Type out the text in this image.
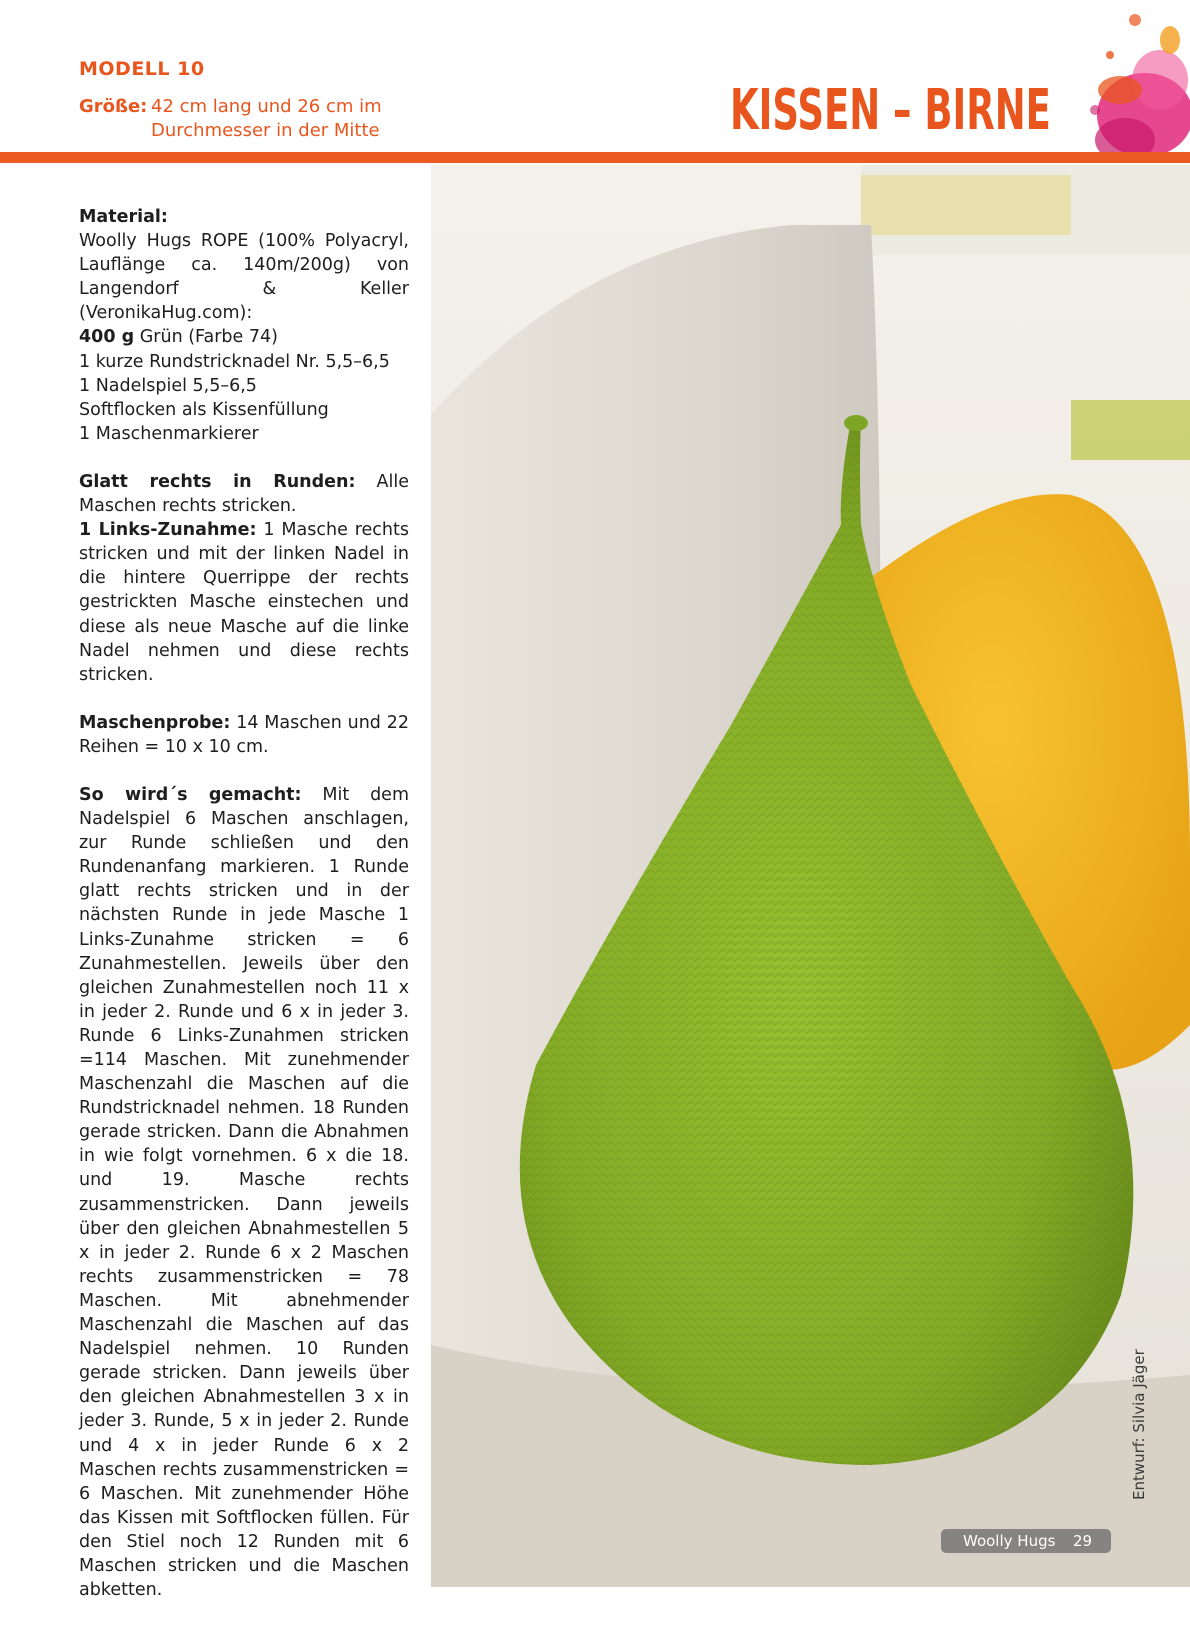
MODELL 10
Größe: 42 cm lang und 26 cm im
Durchmesser in der Mitte	KISSEN – BIRNE

Material:
Woolly Hugs ROPE (100% Polyacryl, Lauflänge ca. 140m/200g) von Langendorf & Keller (VeronikaHug.com):
400 g Grün (Farbe 74)
1 kurze Rundstricknadel Nr. 5,5–6,5
1 Nadelspiel 5,5–6,5
Softflocken als Kissenfüllung
1 Maschenmarkierer

Glatt rechts in Runden: Alle Maschen rechts stricken.

1 Links-Zunahme: 1 Masche rechts stricken und mit der linken Nadel in die hintere Querrippe der rechts gestrickten Masche einstechen und diese als neue Masche auf die linke Nadel nehmen und diese rechts stricken.

Maschenprobe: 14 Maschen und 22 Reihen = 10 x 10 cm.

So wird´s gemacht: Mit dem Nadelspiel 6 Maschen anschlagen, zur Runde schließen und den Rundenanfang markieren. 1 Runde glatt rechts stricken und in der nächsten Runde in jede Masche 1 Links-Zunahme stricken = 6 Zunahmestellen. Jeweils über den gleichen Zunahmestellen noch 11 x in jeder 2. Runde und 6 x in jeder 3. Runde 6 Links-Zunahmen stricken =114 Maschen. Mit zunehmender Maschenzahl die Maschen auf die Rundstricknadel nehmen. 18 Runden gerade stricken. Dann die Abnahmen in wie folgt vornehmen. 6 x die 18. und 19. Masche rechts zusammenstricken. Dann jeweils über den gleichen Abnahmestellen 5 x in jeder 2. Runde 6 x 2 Maschen rechts zusammenstricken = 78 Maschen. Mit abnehmender Maschenzahl die Maschen auf das Nadelspiel nehmen. 10 Runden gerade stricken. Dann jeweils über den gleichen Abnahmestellen 3 x in jeder 3. Runde, 5 x in jeder 2. Runde und 4 x in jeder Runde 6 x 2 Maschen rechts zusammenstricken = 6 Maschen. Mit zunehmender Höhe das Kissen mit Softflocken füllen. Für den Stiel noch 12 Runden mit 6 Maschen stricken und die Maschen abketten.

Entwurf: Silvia Jäger
Woolly Hugs 29
